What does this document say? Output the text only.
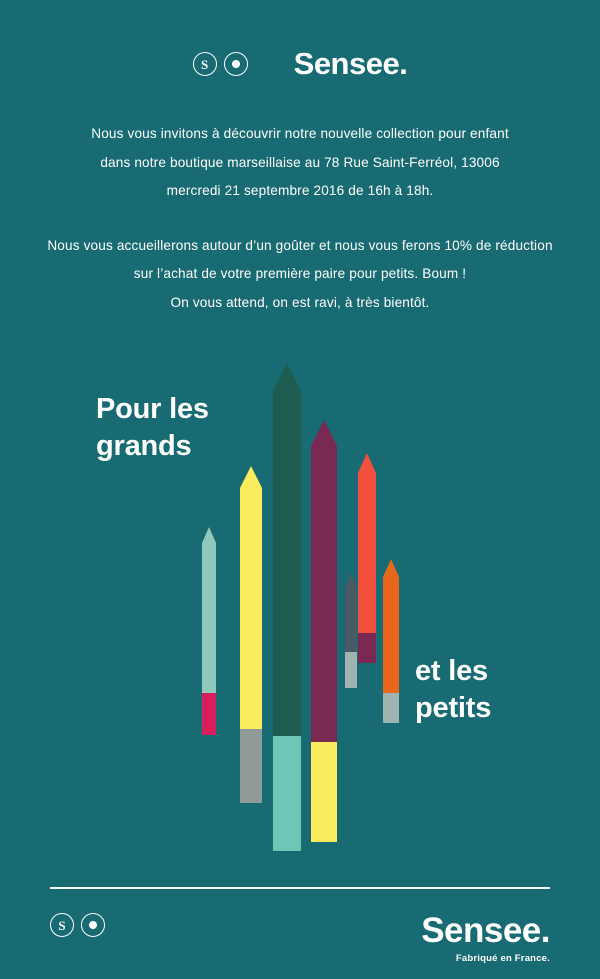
S	Sensee.

Nous vous invitons à découvrir notre nouvelle collection pour enfant

dans notre boutique marseillaise au 78 Rue Saint-Ferréol, 13006

mercredi 21 septembre 2016 de 16h à 18h.

Nous vous accueillerons autour d’un goûter et nous vous ferons 10% de réduction

sur l’achat de votre première paire pour petits. Boum !

On vous attend, on est ravi, à très bientôt.

Pour les
grands
et les
petits
S	Sensee.
Fabriqué en France.
